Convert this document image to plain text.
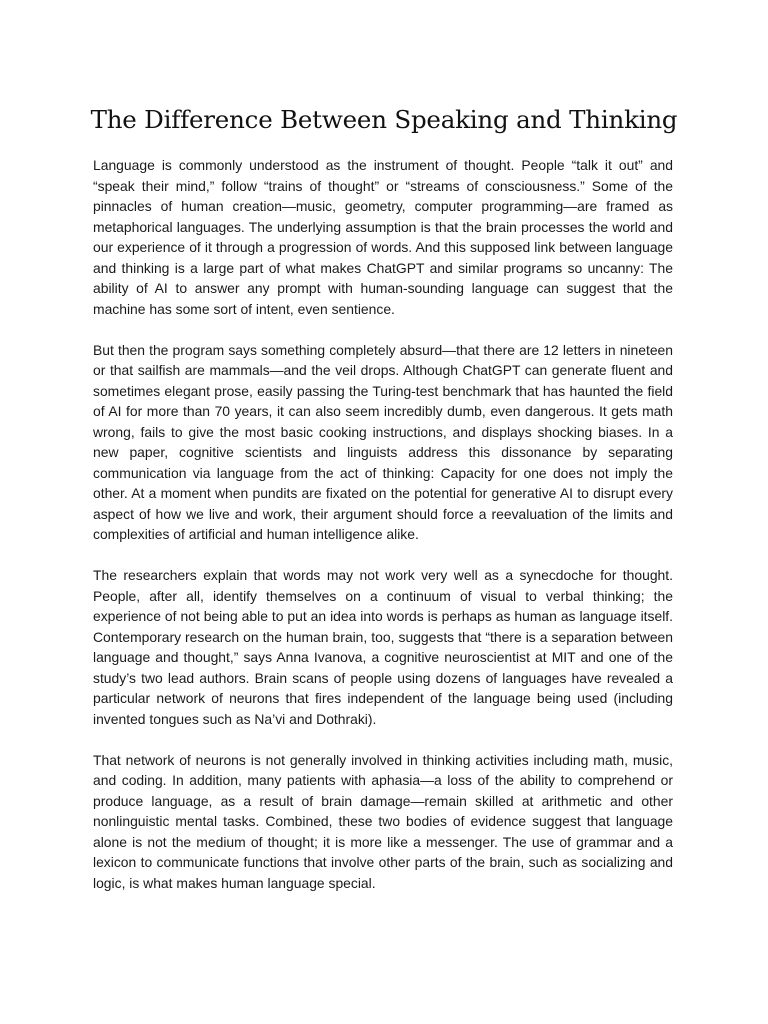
The Difference Between Speaking and Thinking

Language is commonly understood as the instrument of thought. People “talk it out” and “speak their mind,” follow “trains of thought” or “streams of consciousness.” Some of the pinnacles of human creation—music, geometry, computer programming—are framed as metaphorical languages. The underlying assumption is that the brain processes the world and our experience of it through a progression of words. And this supposed link between language and thinking is a large part of what makes ChatGPT and similar programs so uncanny: The ability of AI to answer any prompt with human-sounding language can suggest that the machine has some sort of intent, even sentience.

But then the program says something completely absurd—that there are 12 letters in nineteen or that sailfish are mammals—and the veil drops. Although ChatGPT can generate fluent and sometimes elegant prose, easily passing the Turing-test benchmark that has haunted the field of AI for more than 70 years, it can also seem incredibly dumb, even dangerous. It gets math wrong, fails to give the most basic cooking instructions, and displays shocking biases. In a new paper, cognitive scientists and linguists address this dissonance by separating communication via language from the act of thinking: Capacity for one does not imply the other. At a moment when pundits are fixated on the potential for generative AI to disrupt every aspect of how we live and work, their argument should force a reevaluation of the limits and complexities of artificial and human intelligence alike.

The researchers explain that words may not work very well as a synecdoche for thought. People, after all, identify themselves on a continuum of visual to verbal thinking; the experience of not being able to put an idea into words is perhaps as human as language itself. Contemporary research on the human brain, too, suggests that “there is a separation between language and thought,” says Anna Ivanova, a cognitive neuroscientist at MIT and one of the study’s two lead authors. Brain scans of people using dozens of languages have revealed a particular network of neurons that fires independent of the language being used (including invented tongues such as Na’vi and Dothraki).

That network of neurons is not generally involved in thinking activities including math, music, and coding. In addition, many patients with aphasia—a loss of the ability to comprehend or produce language, as a result of brain damage—remain skilled at arithmetic and other nonlinguistic mental tasks. Combined, these two bodies of evidence suggest that language alone is not the medium of thought; it is more like a messenger. The use of grammar and a lexicon to communicate functions that involve other parts of the brain, such as socializing and logic, is what makes human language special.
